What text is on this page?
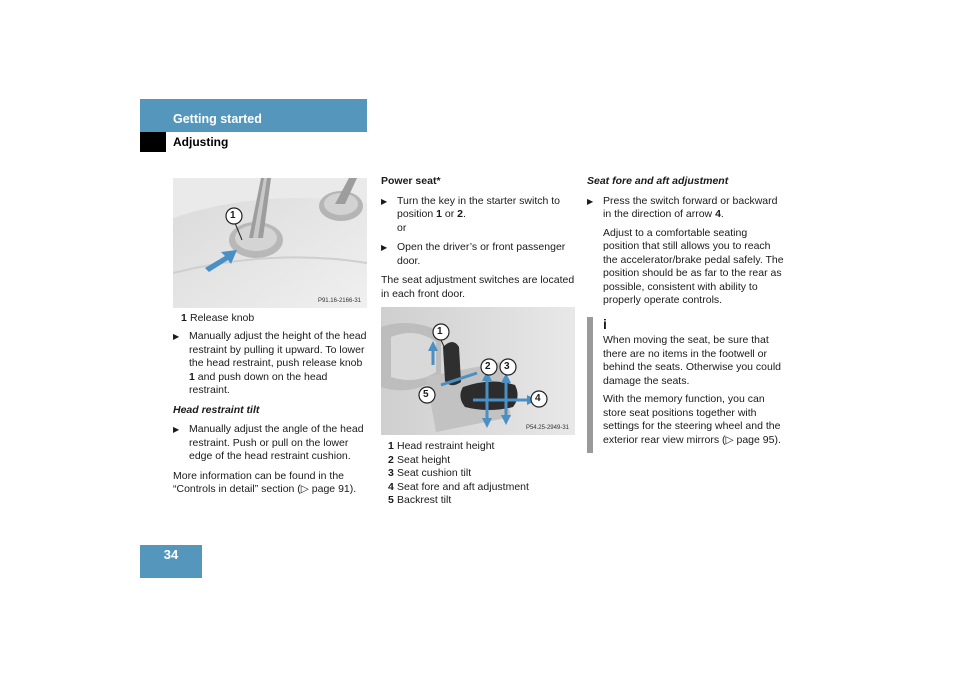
Getting started
Adjusting
1
P91.16-2166-31
1 Release knob
▶ Manually adjust the height of the head restraint by pulling it upward. To lower the head restraint, push release knob 1 and push down on the head restraint.
Head restraint tilt
▶ Manually adjust the angle of the head restraint. Push or pull on the lower edge of the head restraint cushion.
More information can be found in the “Controls in detail” section (▷ page 91).
Power seat*
▶ Turn the key in the starter switch to position 1 or 2.
or
▶ Open the driver’s or front passenger door.
The seat adjustment switches are located in each front door.
1
2 3
4
5
P54.25-2949-31
1 Head restraint height
2 Seat height
3 Seat cushion tilt
4 Seat fore and aft adjustment
5 Backrest tilt
Seat fore and aft adjustment
▶ Press the switch forward or backward in the direction of arrow 4.
Adjust to a comfortable seating position that still allows you to reach the accelerator/brake pedal safely. The position should be as far to the rear as possible, consistent with ability to properly operate controls.
i
When moving the seat, be sure that there are no items in the footwell or behind the seats. Otherwise you could damage the seats.
With the memory function, you can store seat positions together with settings for the steering wheel and the exterior rear view mirrors (▷ page 95).
34
